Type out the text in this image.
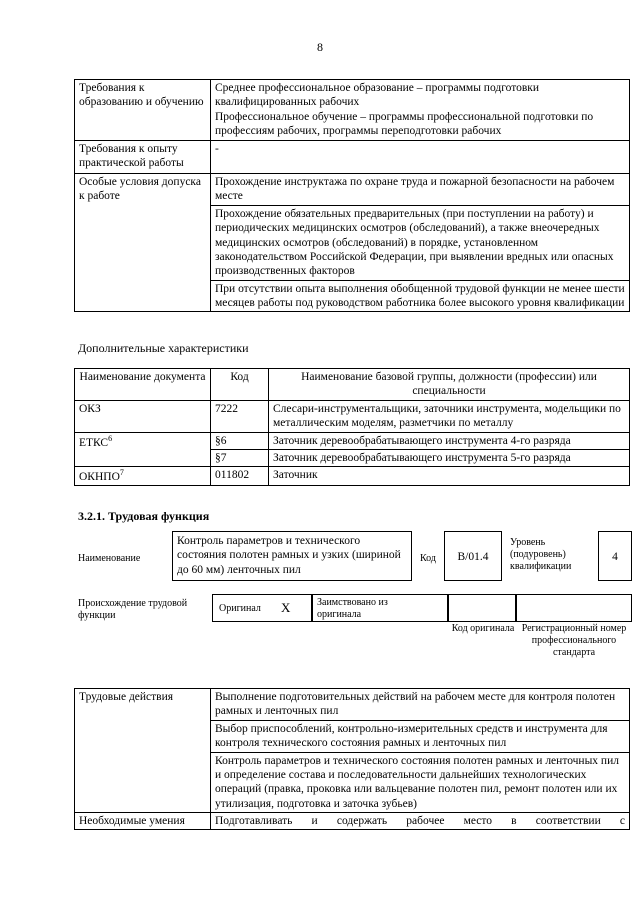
8
Требования к образованию и обучению	Среднее профессиональное образование – программы подготовки квалифицированных рабочих
Профессиональное обучение – программы профессиональной подготовки по профессиям рабочих, программы переподготовки рабочих

Требования к опыту практической работы	-
Особые условия допуска к работе	Прохождение инструктажа по охране труда и пожарной безопасности на рабочем месте
	Прохождение обязательных предварительных (при поступлении на работу) и периодических медицинских осмотров (обследований), а также внеочередных медицинских осмотров (обследований) в порядке, установленном законодательством Российской Федерации, при выявлении вредных или опасных производственных факторов
	При отсутствии опыта выполнения обобщенной трудовой функции не менее шести месяцев работы под руководством работника более высокого уровня квалификации
Дополнительные характеристики
Наименование документа	Код	Наименование базовой группы, должности (профессии) или специальности
ОКЗ	7222	Слесари-инструментальщики, заточники инструмента, модельщики по металлическим моделям, разметчики по металлу
ЕТКС$^6$	§6	Заточник деревообрабатывающего инструмента 4-го разряда
	§7	Заточник деревообрабатывающего инструмента 5-го разряда
ОКНПО$^7$	011802	Заточник
3.2.1. Трудовая функция
Наименование
Контроль параметров и технического состояния полотен рамных и узких (шириной до 60 мм) ленточных пил
Код	B/01.4
Уровень (подуровень) квалификации
4
Происхождение трудовой функции
Оригинал X	Заимствовано из оригинала
Код оригинала Регистрационный номер профессионального стандарта
Трудовые действия	Выполнение подготовительных действий на рабочем месте для контроля полотен рамных и ленточных пил
	Выбор приспособлений, контрольно-измерительных средств и инструмента для контроля технического состояния рамных и ленточных пил
	Контроль параметров и технического состояния полотен рамных и ленточных пил и определение состава и последовательности дальнейших технологических операций (правка, проковка или вальцевание полотен пил, ремонт полотен или их утилизация, подготовка и заточка зубьев)
Необходимые умения	Подготавливать и содержать рабочее место в соответствии с
